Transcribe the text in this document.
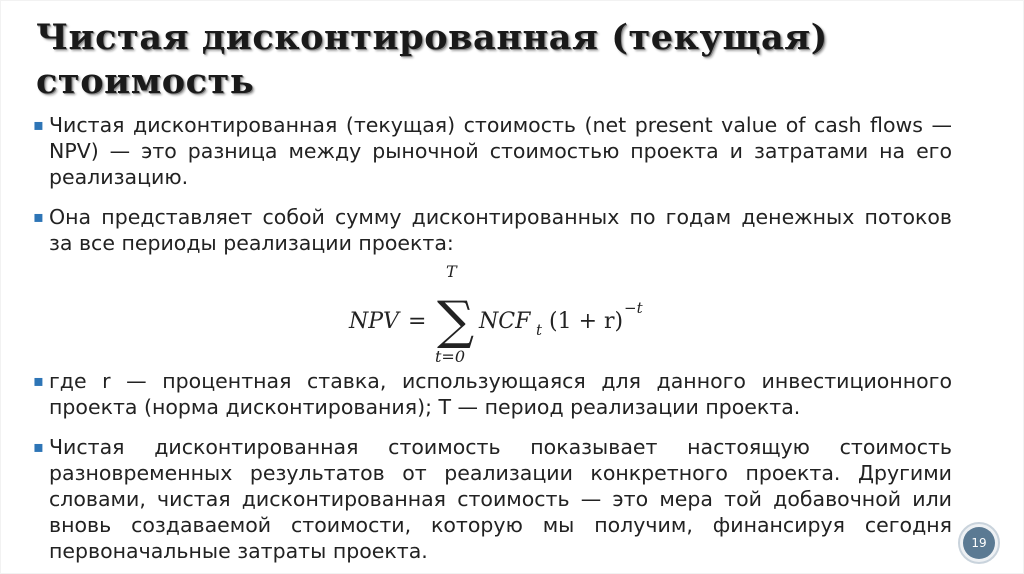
Чистая дисконтированная (текущая) стоимость
▪ Чистая дисконтированная (текущая) стоимость (net present value of cash flows — NPV) — это разница между рыночной стоимостью проекта и затратами на его реализацию.
▪ Она представляет собой сумму дисконтированных по годам денежных потоков за все периоды реализации проекта:
NPV = ∑
T
t=0
NCF t (1 + r)
−t
▪ где r — процентная ставка, использующаяся для данного инвестиционного проекта (норма дисконтирования); T — период реализации проекта.
▪ Чистая дисконтированная стоимость показывает настоящую стоимость разновременных результатов от реализации конкретного проекта. Другими словами, чистая дисконтированная стоимость — это мера той добавочной или вновь создаваемой стоимости, которую мы получим, финансируя сегодня первоначальные затраты проекта.	19
